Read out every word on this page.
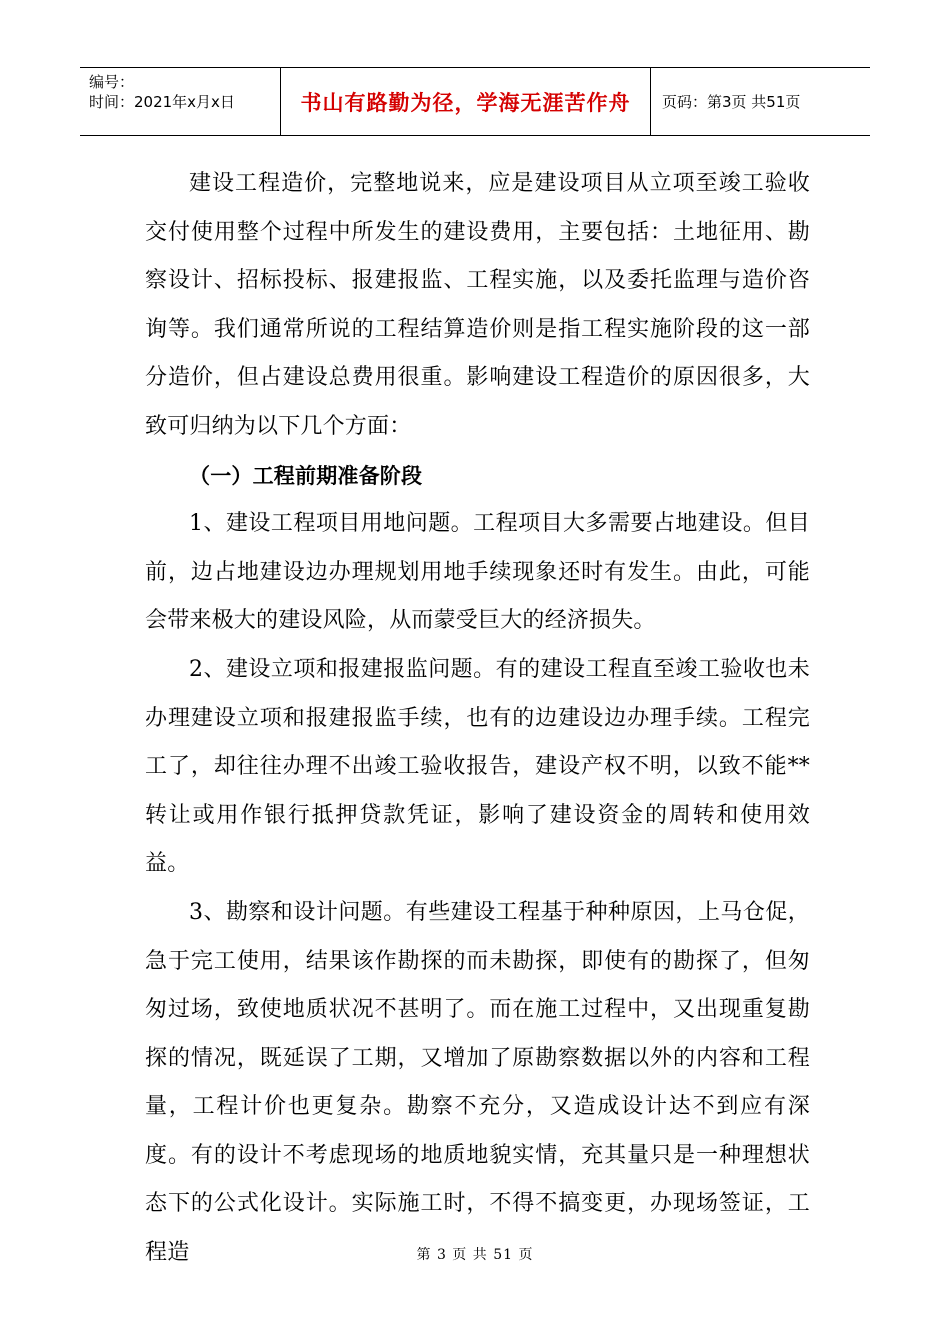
编号：
时间：2021年x月x日	书山有路勤为径，学海无涯苦作舟 页码：第3页 共51页

建设工程造价，完整地说来，应是建设项目从立项至竣工验收交付使用整个过程中所发生的建设费用，主要包括：土地征用、勘察设计、招标投标、报建报监、工程实施，以及委托监理与造价咨询等。我们通常所说的工程结算造价则是指工程实施阶段的这一部分造价，但占建设总费用很重。影响建设工程造价的原因很多，大致可归纳为以下几个方面：

（一）工程前期准备阶段

1、建设工程项目用地问题。工程项目大多需要占地建设。但目前，边占地建设边办理规划用地手续现象还时有发生。由此，可能会带来极大的建设风险，从而蒙受巨大的经济损失。

2、建设立项和报建报监问题。有的建设工程直至竣工验收也未办理建设立项和报建报监手续，也有的边建设边办理手续。工程完工了，却往往办理不出竣工验收报告，建设产权不明，以致不能**转让或用作银行抵押贷款凭证，影响了建设资金的周转和使用效益。

3、勘察和设计问题。有些建设工程基于种种原因，上马仓促，急于完工使用，结果该作勘探的而未勘探，即使有的勘探了，但匆匆过场，致使地质状况不甚明了。而在施工过程中，又出现重复勘探的情况，既延误了工期，又增加了原勘察数据以外的内容和工程量，工程计价也更复杂。勘察不充分，又造成设计达不到应有深度。有的设计不考虑现场的地质地貌实情，充其量只是一种理想状态下的公式化设计。实际施工时，不得不搞变更，办现场签证，工程造	第 3 页 共 51 页
